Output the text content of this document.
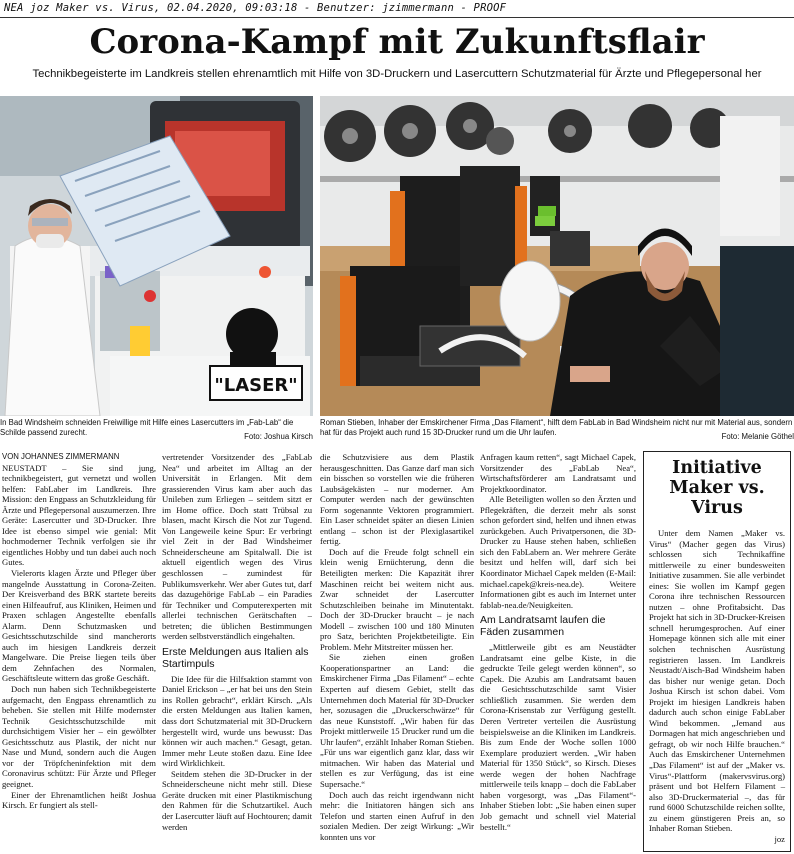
NEA joz Maker vs. Virus, 02.04.2020, 09:03:18 - Benutzer: jzimmermann - PROOF
Corona-Kampf mit Zukunftsflair
Technikbegeisterte im Landkreis stellen ehrenamtlich mit Hilfe von 3D-Druckern und Lasercuttern Schutzmaterial für Ärzte und Pflegepersonal her
"LASER"
In Bad Windsheim schneiden Freiwillige mit Hilfe eines Lasercutters im „Fab-Lab“ die Schilde passend zurecht.	Foto: Joshua Kirsch
Roman Stieben, Inhaber der Emskirchener Firma „Das Filament“, hilft dem FabLab in Bad Windsheim nicht nur mit Material aus, sondern hat für das Projekt auch rund 15 3D-Drucker rund um die Uhr laufen.	Foto: Melanie Göthel

VON JOHANNES ZIMMERMANN

NEUSTADT – Sie sind jung, technikbegeistert, gut vernetzt und wollen helfen: FabLaber im Landkreis. Ihre Mission: den Engpass an Schutzkleidung für Ärzte und Pflegepersonal auszumerzen. Ihre Geräte: Lasercutter und 3D-Drucker. Ihre Idee ist ebenso simpel wie genial: Mit hochmoderner Technik verfolgen sie ihr eigentliches Hobby und tun dabei auch noch Gutes.

Vielerorts klagen Ärzte und Pfleger über mangelnde Ausstattung in Corona-Zeiten. Der Kreisverband des BRK startete bereits einen Hilfeaufruf, aus Kliniken, Heimen und Praxen schlagen Angestellte ebenfalls Alarm. Denn Schutzmasken und Gesichtsschutzschilde sind mancherorts auch im hiesigen Landkreis derzeit Mangelware. Die Preise liegen teils über dem Zehnfachen des Normalen, Geschäftsleute wittern das große Geschäft.

Doch nun haben sich Technikbegeisterte aufgemacht, den Engpass ehrenamtlich zu beheben. Sie stellen mit Hilfe modernster Technik Gesichtsschutzschilde mit durchsichtigem Visier her – ein gewölbter Gesichtsschutz aus Plastik, der nicht nur Nase und Mund, sondern auch die Augen vor der Tröpfcheninfektion mit dem Coronavirus schützt: Für Ärzte und Pfleger geeignet.

Einer der Ehrenamtlichen heißt Joshua Kirsch. Er fungiert als stell-

vertretender Vorsitzender des „FabLab Nea“ und arbeitet im Alltag an der Universität in Erlangen. Mit dem grassierenden Virus kam aber auch das Unileben zum Erliegen – seitdem sitzt er im Home office. Doch statt Trübsal zu blasen, macht Kirsch die Not zur Tugend. Von Langeweile keine Spur: Er verbringt viel Zeit in der Bad Windsheimer Schneiderscheune am Spitalwall. Die ist aktuell eigentlich wegen des Virus geschlossen – zumindest für Publikumsverkehr. Wer aber Gutes tut, darf das dazugehörige FabLab – ein Paradies für Techniker und Computerexperten mit allerlei technischen Gerätschaften – betreten; die üblichen Bestimmungen werden selbstverständlich eingehalten.

Erste Meldungen aus Italien als Startimpuls

Die Idee für die Hilfsaktion stammt von Daniel Erickson – „er hat bei uns den Stein ins Rollen gebracht“, erklärt Kirsch. „Als die ersten Meldungen aus Italien kamen, dass dort Schutzmaterial mit 3D-Druckern hergestellt wird, wurde uns bewusst: Das können wir auch machen.“ Gesagt, getan. Immer mehr Leute stoßen dazu. Eine Idee wird Wirklichkeit.

Seitdem stehen die 3D-Drucker in der Schneiderscheune nicht mehr still. Diese Geräte drucken mit einer Plastikmischung den Rahmen für die Schutzartikel. Auch der Lasercutter läuft auf Hochtouren; damit werden

die Schutzvisiere aus dem Plastik herausgeschnitten. Das Ganze darf man sich ein bisschen so vorstellen wie die früheren Laubsägekästen – nur moderner. Am Computer werden nach der gewünschten Form sogenannte Vektoren programmiert. Ein Laser schneidet später an diesen Linien entlang – schon ist der Plexiglasartikel fertig.

Doch auf die Freude folgt schnell ein klein wenig Ernüchterung, denn die Beteiligten merken: Die Kapazität ihrer Maschinen reicht bei weitem nicht aus. Zwar schneidet der Lasercutter Schutzschleiben beinahe im Minutentakt. Doch der 3D-Drucker braucht – je nach Modell – zwischen 100 und 180 Minuten pro Satz, berichten Projektbeteiligte. Ein Problem. Mehr Mitstreiter müssen her.

Sie ziehen einen großen Kooperationspartner an Land: die Emskirchener Firma „Das Filament“ – echte Experten auf diesem Gebiet, stellt das Unternehmen doch Material für 3D-Drucker her, sozusagen die „Druckerschwärze“ für das neue Kunststoff. „Wir haben für das Projekt mittlerweile 15 Drucker rund um die Uhr laufen“, erzählt Inhaber Roman Stieben. „Für uns war eigentlich ganz klar, dass wir mitmachen. Wir haben das Material und stellen es zur Verfügung, das ist eine Supersache.“

Doch auch das reicht irgendwann nicht mehr: die Initiatoren hängen sich ans Telefon und starten einen Aufruf in den sozialen Medien. Der zeigt Wirkung: „Wir konnten uns vor

Anfragen kaum retten“, sagt Michael Capek, Vorsitzender des „FabLab Nea“, Wirtschaftsförderer am Landratsamt und Projektkoordinator.

Alle Beteiligten wollen so den Ärzten und Pflegekräften, die derzeit mehr als sonst schon gefordert sind, helfen und ihnen etwas zurückgeben. Auch Privatpersonen, die 3D-Drucker zu Hause stehen haben, schließen sich den FabLabern an. Wer mehrere Geräte besitzt und helfen will, darf sich bei Koordinator Michael Capek melden (E-Mail: michael.capek@kreis-nea.de). Weitere Informationen gibt es auch im Internet unter fablab-nea.de/Neuigkeiten.

Am Landratsamt laufen die Fäden zusammen

„Mittlerweile gibt es am Neustädter Landratsamt eine gelbe Kiste, in die gedruckte Teile gelegt werden können“, so Capek. Die Azubis am Landratsamt bauen die Gesichtsschutzschilde samt Visier schließlich zusammen. Sie werden dem Corona-Krisenstab zur Verfügung gestellt. Deren Vertreter verteilen die Ausrüstung beispielsweise an die Kliniken im Landkreis. Bis zum Ende der Woche sollen 1000 Exemplare produziert werden. „Wir haben Material für 1350 Stück“, so Kirsch. Dieses werde wegen der hohen Nachfrage mittlerweile teils knapp – doch die FabLaber haben vorgesorgt, was „Das Filament“-Inhaber Stieben lobt: „Sie haben einen super Job gemacht und schnell viel Material bestellt.“

Initiative
Maker vs. Virus

Unter dem Namen „Maker vs. Virus“ (Macher gegen das Virus) schlossen sich Technikaffine mittlerweile zu einer bundesweiten Initiative zusammen. Sie alle verbindet eines: Sie wollen im Kampf gegen Corona ihre technischen Ressourcen nutzen – ohne Profitabsicht. Das Projekt hat sich in 3D-Drucker-Kreisen schnell herumgesprochen. Auf einer Homepage können sich alle mit einer solchen technischen Ausrüstung registrieren lassen. Im Landkreis Neustadt/Aisch-Bad Windsheim haben das bisher nur wenige getan. Doch Joshua Kirsch ist schon dabei. Vom Projekt im hiesigen Landkreis haben dadurch auch schon einige FabLaber Wind bekommen. „Jemand aus Dormagen hat mich angeschrieben und gefragt, ob wir noch Hilfe brauchen.“ Auch das Emskirchener Unternehmen „Das Filament“ ist auf der „Maker vs. Virus“-Plattform (makervsvirus.org) präsent und bot Helfern Filament – also 3D-Druckermaterial –, das für rund 6000 Schutzschilde reichen sollte, zu einem günstigeren Preis an, so Inhaber Roman Stieben.

joz
